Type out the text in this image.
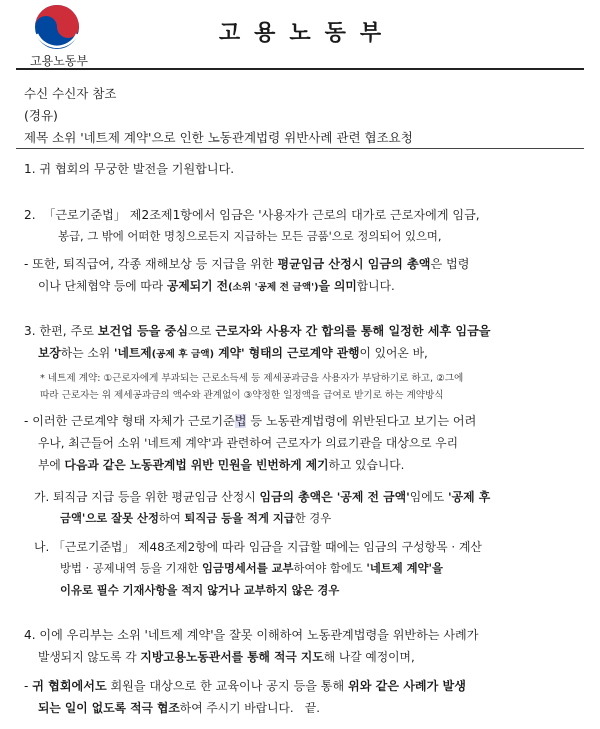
고용노동부
고용노동부
수신 수신자 참조
(경유)
제목 소위 '네트제 계약'으로 인한 노동관계법령 위반사례 관련 협조요청
1. 귀 협회의 무궁한 발전을 기원합니다.
2.  「근로기준법」 제2조제1항에서 임금은 '사용자가 근로의 대가로 근로자에게 임금,
봉급, 그 밖에 어떠한 명칭으로든지 지급하는 모든 금품'으로 정의되어 있으며,
- 또한, 퇴직급여, 각종 재해보상 등 지급을 위한 평균임금 산정시 임금의 총액은 법령
이나 단체협약 등에 따라 공제되기 전(소위 '공제 전 금액')을 의미합니다.
3. 한편, 주로 보건업 등을 중심으로 근로자와 사용자 간 합의를 통해 일정한 세후 임금을
보장하는 소위 '네트제(공제 후 금액) 계약' 형태의 근로계약 관행이 있어온 바,
* 네트제 계약: ①근로자에게 부과되는 근로소득세 등 제세공과금을 사용자가 부담하기로 하고, ②그에
따라 근로자는 위 제세공과금의 액수와 관계없이 ③약정한 일정액을 급여로 받기로 하는 계약방식
- 이러한 근로계약 형태 자체가 근로기준법 등 노동관계법령에 위반된다고 보기는 어려
우나, 최근들어 소위 '네트제 계약'과 관련하여 근로자가 의료기관을 대상으로 우리
부에 다음과 같은 노동관계법 위반 민원을 빈번하게 제기하고 있습니다.
가. 퇴직금 지급 등을 위한 평균임금 산정시 임금의 총액은 '공제 전 금액'임에도 '공제 후
금액'으로 잘못 산정하여 퇴직금 등을 적게 지급한 경우
나. 「근로기준법」 제48조제2항에 따라 임금을 지급할 때에는 임금의 구성항목 · 계산
방법 · 공제내역 등을 기재한 임금명세서를 교부하여야 함에도 '네트제 계약'을
이유로 필수 기재사항을 적지 않거나 교부하지 않은 경우
4. 이에 우리부는 소위 '네트제 계약'을 잘못 이해하여 노동관계법령을 위반하는 사례가
발생되지 않도록 각 지방고용노동관서를 통해 적극 지도해 나갈 예정이며,
- 귀 협회에서도 회원을 대상으로 한 교육이나 공지 등을 통해 위와 같은 사례가 발생
되는 일이 없도록 적극 협조하여 주시기 바랍니다.   끝.
